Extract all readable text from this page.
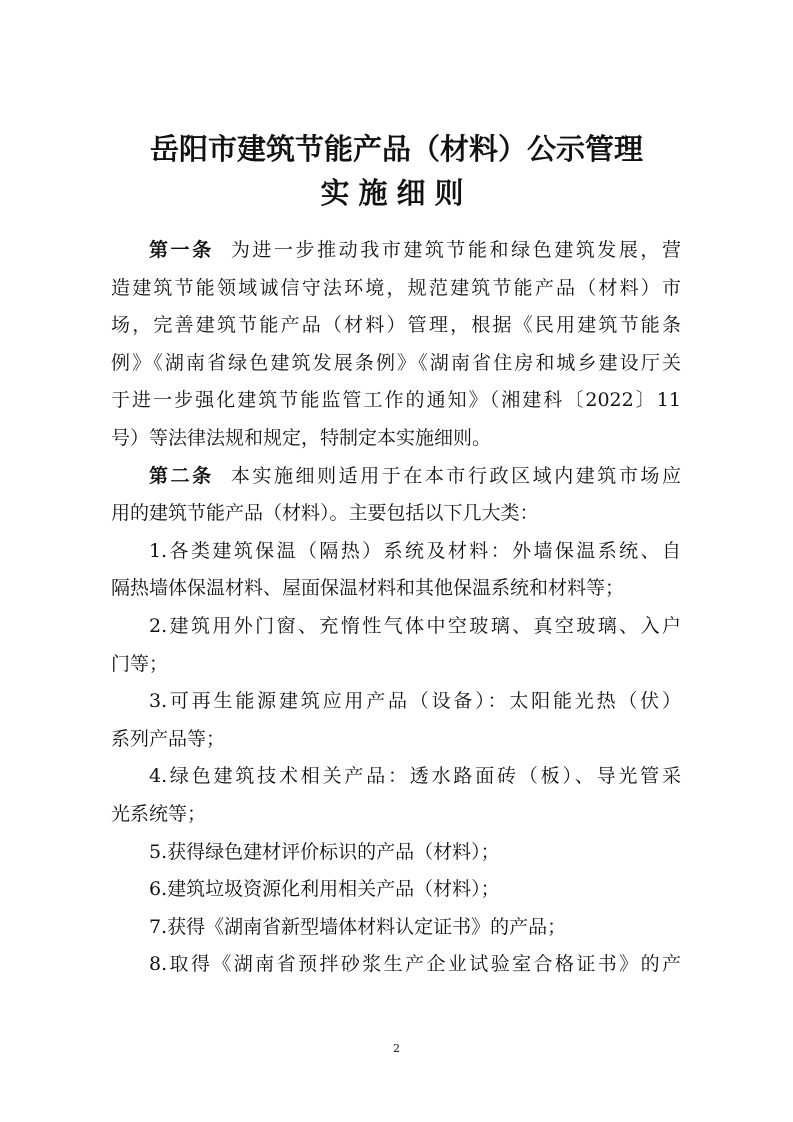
岳阳市建筑节能产品（材料）公示管理
实施细则
第一条 为进一步推动我市建筑节能和绿色建筑发展，营
造建筑节能领域诚信守法环境，规范建筑节能产品（材料）市
场，完善建筑节能产品（材料）管理，根据《民用建筑节能条
例》《湖南省绿色建筑发展条例》《湖南省住房和城乡建设厅关
于进一步强化建筑节能监管工作的通知》（湘建科〔2022〕11
号）等法律法规和规定，特制定本实施细则。
第二条 本实施细则适用于在本市行政区域内建筑市场应
用的建筑节能产品（材料）。主要包括以下几大类：
1.各类建筑保温（隔热）系统及材料：外墙保温系统、自
隔热墙体保温材料、屋面保温材料和其他保温系统和材料等；
2.建筑用外门窗、充惰性气体中空玻璃、真空玻璃、入户
门等；
3.可再生能源建筑应用产品（设备）：太阳能光热（伏）
系列产品等；
4.绿色建筑技术相关产品：透水路面砖（板）、导光管采
光系统等；
5.获得绿色建材评价标识的产品（材料）；
6.建筑垃圾资源化利用相关产品（材料）；
7.获得《湖南省新型墙体材料认定证书》的产品；
8.取得《湖南省预拌砂浆生产企业试验室合格证书》的产
2
